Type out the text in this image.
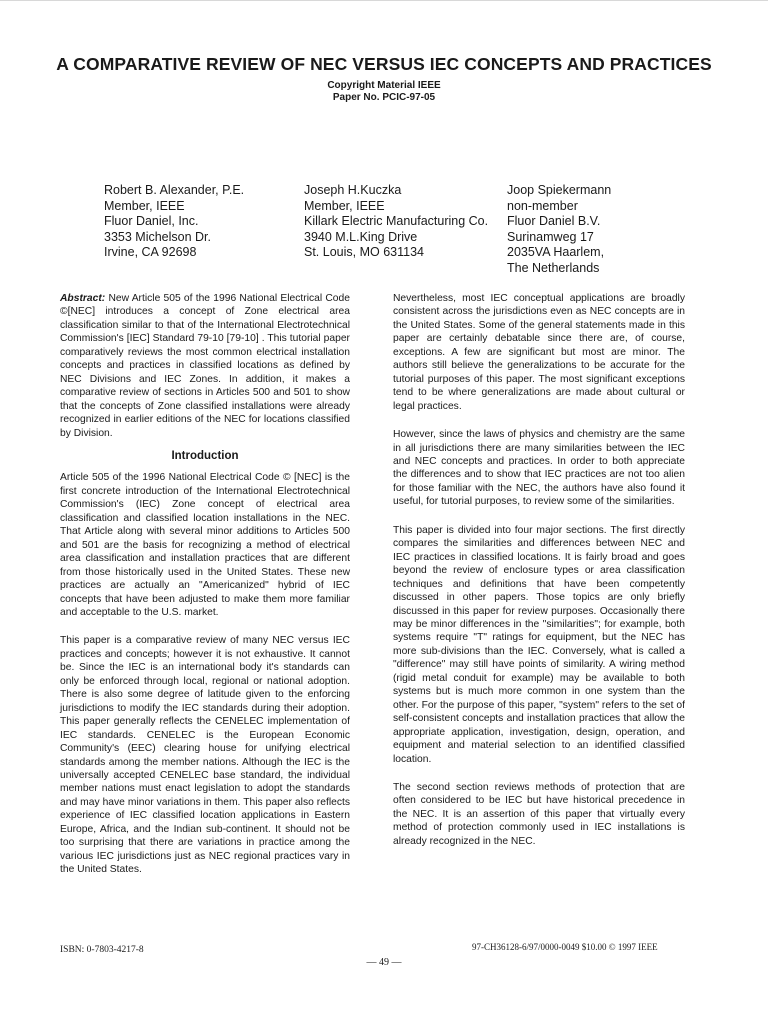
A COMPARATIVE REVIEW OF NEC VERSUS IEC CONCEPTS AND PRACTICES
Copyright Material IEEE
Paper No. PCIC-97-05
Robert B. Alexander, P.E.
Member, IEEE
Fluor Daniel, Inc.
3353 Michelson Dr.
Irvine, CA 92698
Joseph H.Kuczka
Member, IEEE
Killark Electric Manufacturing Co.
3940 M.L.King Drive
St. Louis, MO 631134
Joop Spiekermann
non-member
Fluor Daniel B.V.
Surinamweg 17
2035VA Haarlem,
The Netherlands

Abstract: New Article 505 of the 1996 National Electrical Code ©[NEC] introduces a concept of Zone electrical area classification similar to that of the International Electrotechnical Commission's [IEC] Standard 79-10 [79-10] . This tutorial paper comparatively reviews the most common electrical installation concepts and practices in classified locations as defined by NEC Divisions and IEC Zones. In addition, it makes a comparative review of sections in Articles 500 and 501 to show that the concepts of Zone classified installations were already recognized in earlier editions of the NEC for locations classified by Division.

Introduction

Article 505 of the 1996 National Electrical Code © [NEC] is the first concrete introduction of the International Electrotechnical Commission's (IEC) Zone concept of electrical area classification and classified location installations in the NEC. That Article along with several minor additions to Articles 500 and 501 are the basis for recognizing a method of electrical area classification and installation practices that are different from those historically used in the United States. These new practices are actually an "Americanized" hybrid of IEC concepts that have been adjusted to make them more familiar and acceptable to the U.S. market.

This paper is a comparative review of many NEC versus IEC practices and concepts; however it is not exhaustive. It cannot be. Since the IEC is an international body it's standards can only be enforced through local, regional or national adoption. There is also some degree of latitude given to the enforcing jurisdictions to modify the IEC standards during their adoption. This paper generally reflects the CENELEC implementation of IEC standards. CENELEC is the European Economic Community's (EEC) clearing house for unifying electrical standards among the member nations. Although the IEC is the universally accepted CENELEC base standard, the individual member nations must enact legislation to adopt the standards and may have minor variations in them. This paper also reflects experience of IEC classified location applications in Eastern Europe, Africa, and the Indian sub-continent. It should not be too surprising that there are variations in practice among the various IEC jurisdictions just as NEC regional practices vary in the United States.

Nevertheless, most IEC conceptual applications are broadly consistent across the jurisdictions even as NEC concepts are in the United States. Some of the general statements made in this paper are certainly debatable since there are, of course, exceptions. A few are significant but most are minor. The authors still believe the generalizations to be accurate for the tutorial purposes of this paper. The most significant exceptions tend to be where generalizations are made about cultural or legal practices.

However, since the laws of physics and chemistry are the same in all jurisdictions there are many similarities between the IEC and NEC concepts and practices. In order to both appreciate the differences and to show that IEC practices are not too alien for those familiar with the NEC, the authors have also found it useful, for tutorial purposes, to review some of the similarities.

This paper is divided into four major sections. The first directly compares the similarities and differences between NEC and IEC practices in classified locations. It is fairly broad and goes beyond the review of enclosure types or area classification techniques and definitions that have been competently discussed in other papers. Those topics are only briefly discussed in this paper for review purposes. Occasionally there may be minor differences in the "similarities"; for example, both systems require "T" ratings for equipment, but the NEC has more sub-divisions than the IEC. Conversely, what is called a "difference" may still have points of similarity. A wiring method (rigid metal conduit for example) may be available to both systems but is much more common in one system than the other. For the purpose of this paper, "system" refers to the set of self-consistent concepts and installation practices that allow the appropriate application, investigation, design, operation, and equipment and material selection to an identified classified location.

The second section reviews methods of protection that are often considered to be IEC but have historical precedence in the NEC. It is an assertion of this paper that virtually every method of protection commonly used in IEC installations is already recognized in the NEC.

ISBN: 0-7803-4217-8	97-CH36128-6/97/0000-0049 $10.00 © 1997 IEEE
— 49 —
